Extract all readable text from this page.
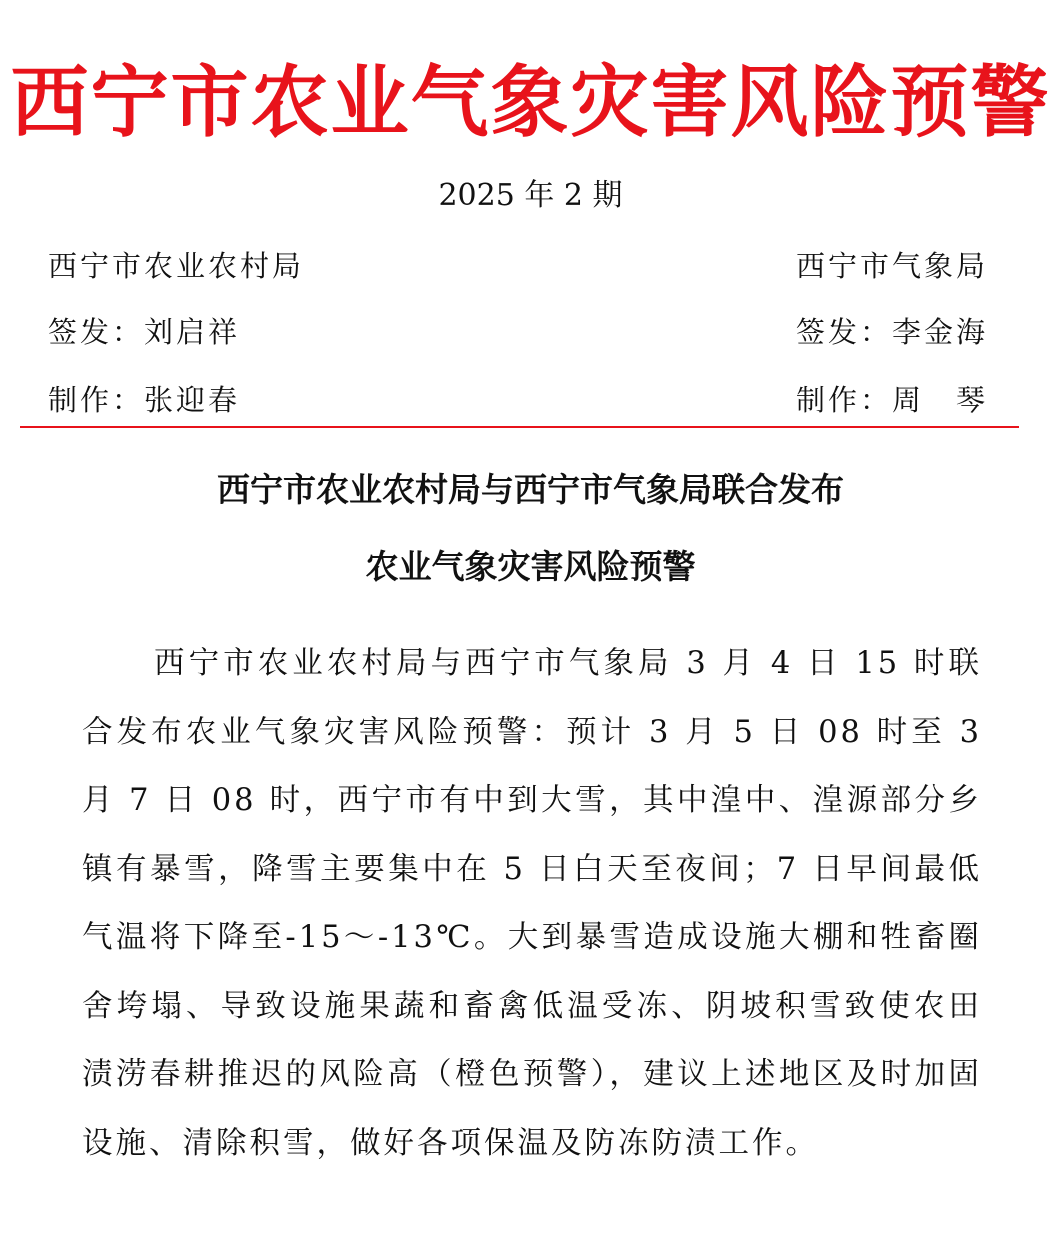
西宁市农业气象灾害风险预警
2025 年 2 期
西宁市农业农村局	西宁市气象局
签发：刘启祥	签发：李金海
制作：张迎春	制作：周　琴
西宁市农业农村局与西宁市气象局联合发布
农业气象灾害风险预警

西宁市农业农村局与西宁市气象局 3 月 4 日 15 时联合发布农业气象灾害风险预警：预计 3 月 5 日 08 时至 3 月 7 日 08 时，西宁市有中到大雪，其中湟中、湟源部分乡镇有暴雪，降雪主要集中在 5 日白天至夜间；7 日早间最低气温将下降至-15～-13℃。大到暴雪造成设施大棚和牲畜圈舍垮塌、导致设施果蔬和畜禽低温受冻、阴坡积雪致使农田渍涝春耕推迟的风险高（橙色预警），建议上述地区及时加固设施、清除积雪，做好各项保温及防冻防渍工作。
